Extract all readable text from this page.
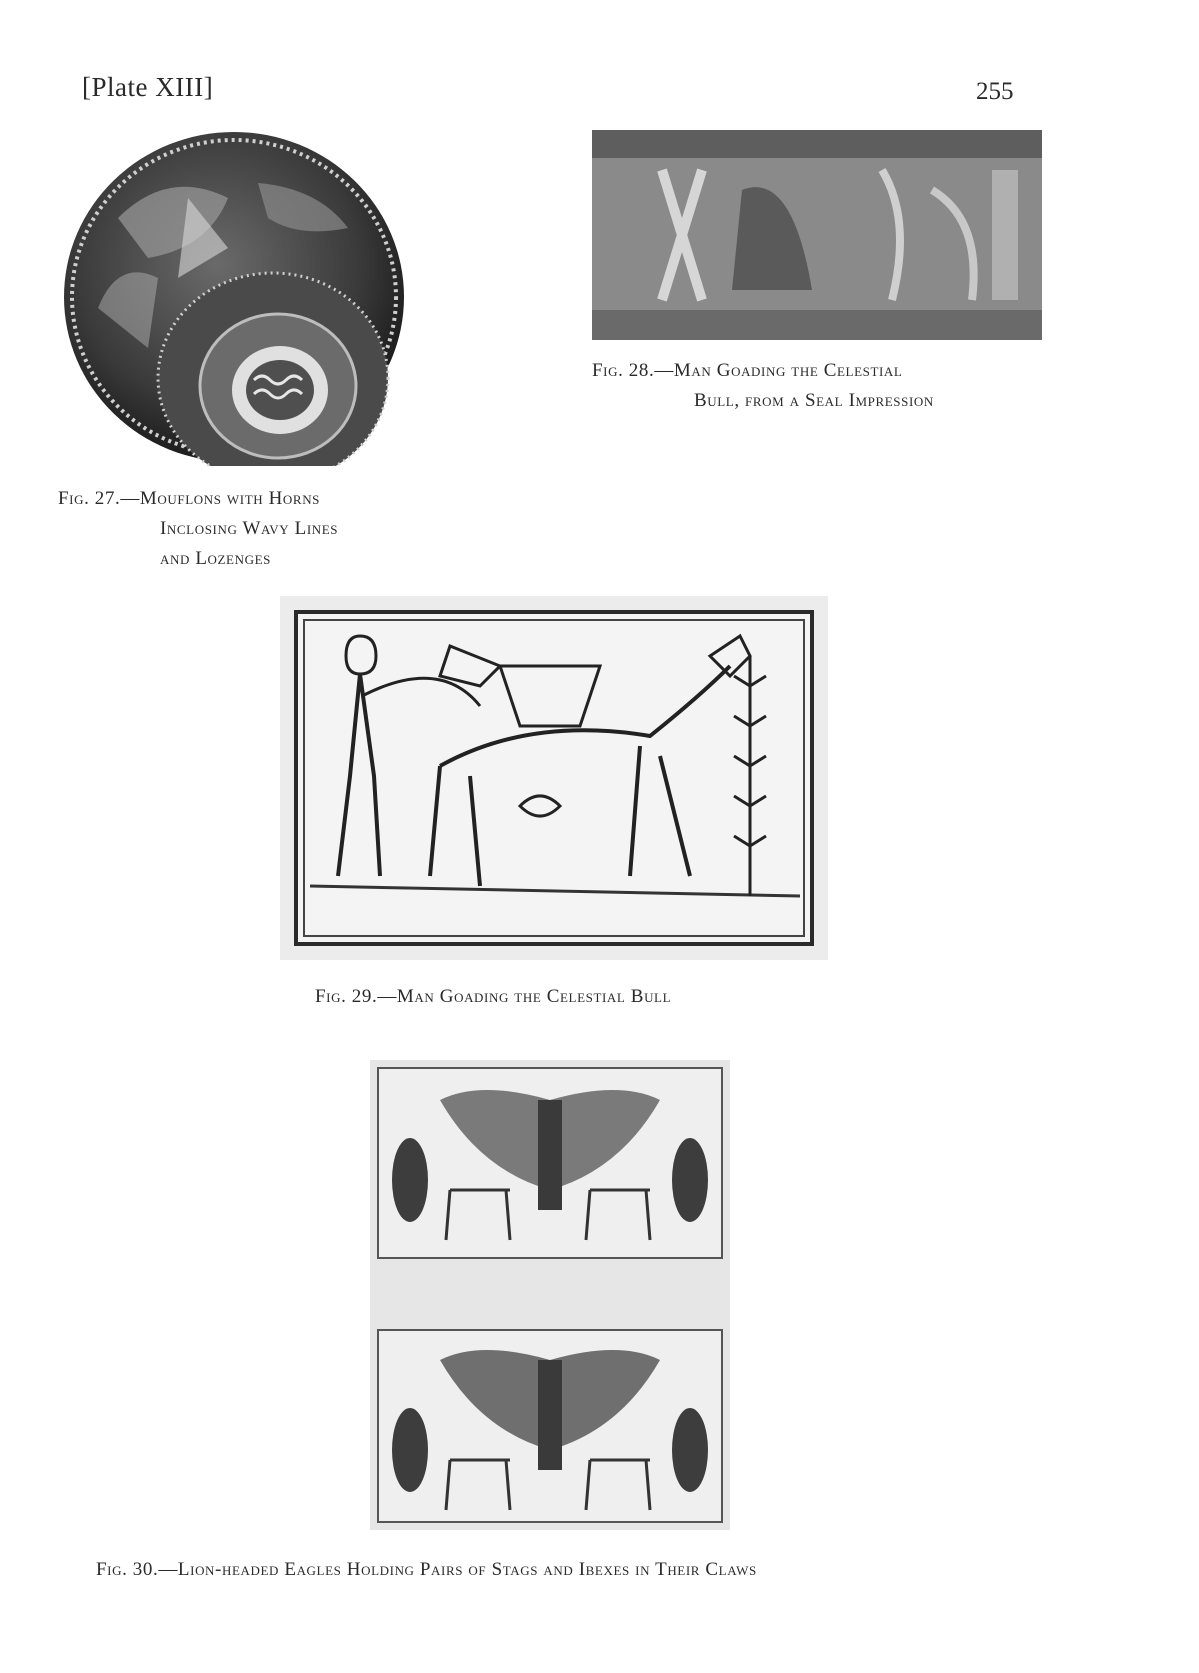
[Plate XIII]	255
Fig. 27.—Mouflons with Horns
Inclosing Wavy Lines
and Lozenges
Fig. 28.—Man Goading the Celestial
Bull, from a Seal Impression
Fig. 29.—Man Goading the Celestial Bull
Fig. 30.—Lion-headed Eagles Holding Pairs of Stags and Ibexes in Their Claws
